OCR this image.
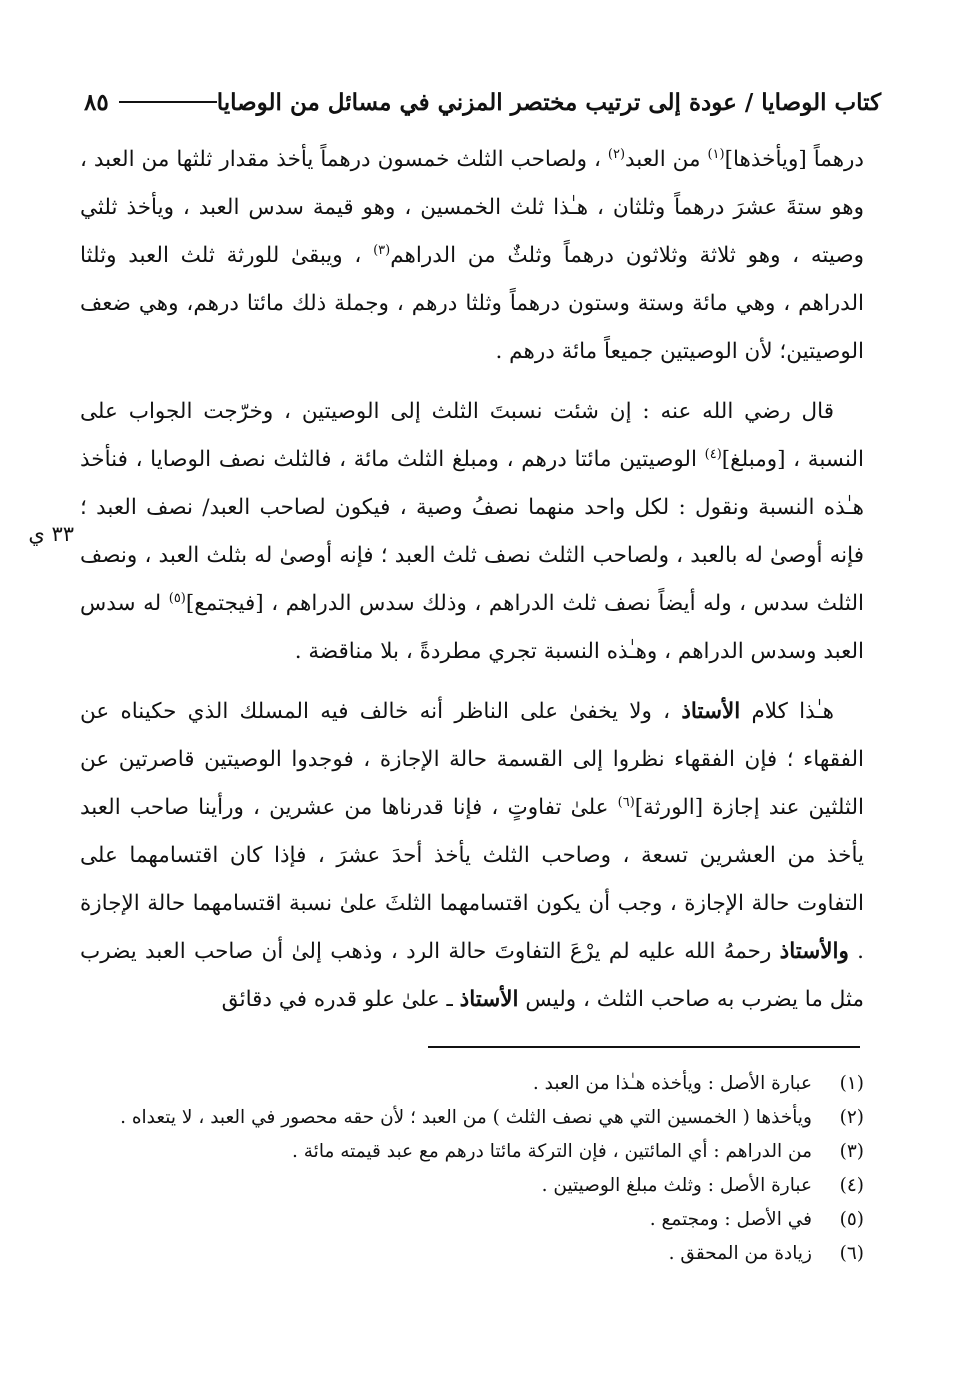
٨٥	كتاب الوصايا / عودة إلى ترتيب مختصر المزني في مسائل من الوصايا

درهماً [ويأخذها]$^{(١)}$ من العبد$^{(٢)}$ ، ولصاحب الثلث خمسون درهماً يأخذ مقدار ثلثها من العبد ، وهو ستةَ عشرَ درهماً وثلثان ، هـٰذا ثلث الخمسين ، وهو قيمة سدس العبد ، ويأخذ ثلثي وصيته ، وهو ثلاثة وثلاثون درهماً وثلثٌ من الدراهم$^{(٣)}$ ، ويبقىٰ للورثة ثلث العبد وثلثا الدراهم ، وهي مائة وستة وستون درهماً وثلثا درهم ، وجملة ذلك مائتا درهم، وهي ضعف الوصيتين؛ لأن الوصيتين جميعاً مائة درهم .

قال رضي الله عنه : إن شئت نسبتَ الثلث إلى الوصيتين ، وخرّجت الجواب على النسبة ، [ومبلغ]$^{(٤)}$ الوصيتين مائتا درهم ، ومبلغ الثلث مائة ، فالثلث نصف الوصايا ، فنأخذ هـٰذه النسبة ونقول : لكل واحد منهما نصفُ وصية ، فيكون لصاحب العبد/ نصف العبد ؛ فإنه أوصىٰ له بالعبد ، ولصاحب الثلث نصف ثلث العبد ؛ فإنه أوصىٰ له بثلث العبد ، ونصف الثلث سدس ، وله أيضاً نصف ثلث الدراهم ، وذلك سدس الدراهم ، [فيجتمع]$^{(٥)}$ له سدس العبد وسدس الدراهم ، وهـٰذه النسبة تجري مطردةً ، بلا مناقضة .

هـٰذا كلام الأستاذ ، ولا يخفىٰ على الناظر أنه خالف فيه المسلك الذي حكيناه عن الفقهاء ؛ فإن الفقهاء نظروا إلى القسمة حالة الإجازة ، فوجدوا الوصيتين قاصرتين عن الثلثين عند إجازة [الورثة]$^{(٦)}$ علىٰ تفاوتٍ ، فإنا قدرناها من عشرين ، ورأينا صاحب العبد يأخذ من العشرين تسعة ، وصاحب الثلث يأخذ أحدَ عشرَ ، فإذا كان اقتسامهما على التفاوت حالة الإجازة ، وجب أن يكون اقتسامهما الثلثَ علىٰ نسبة اقتسامهما حالة الإجازة . والأستاذ رحمهُ الله عليه لم يرْعَ التفاوتَ حالة الرد ، وذهب إلىٰ أن صاحب العبد يضرب مثل ما يضرب به صاحب الثلث ، وليس الأستاذ ـ علىٰ علو قدره في دقائق

٣٣ ي
(١)
عبارة الأصل : ويأخذه هـٰذا من العبد .
(٢)
ويأخذها ( الخمسين التي هي نصف الثلث ) من العبد ؛ لأن حقه محصور في العبد ، لا يتعداه .
(٣)
من الدراهم : أي المائتين ، فإن التركة مائتا درهم مع عبد قيمته مائة .
(٤)
عبارة الأصل : وثلث مبلغ الوصيتين .
(٥)
في الأصل : ومجتمع .
(٦)
زيادة من المحقق .
